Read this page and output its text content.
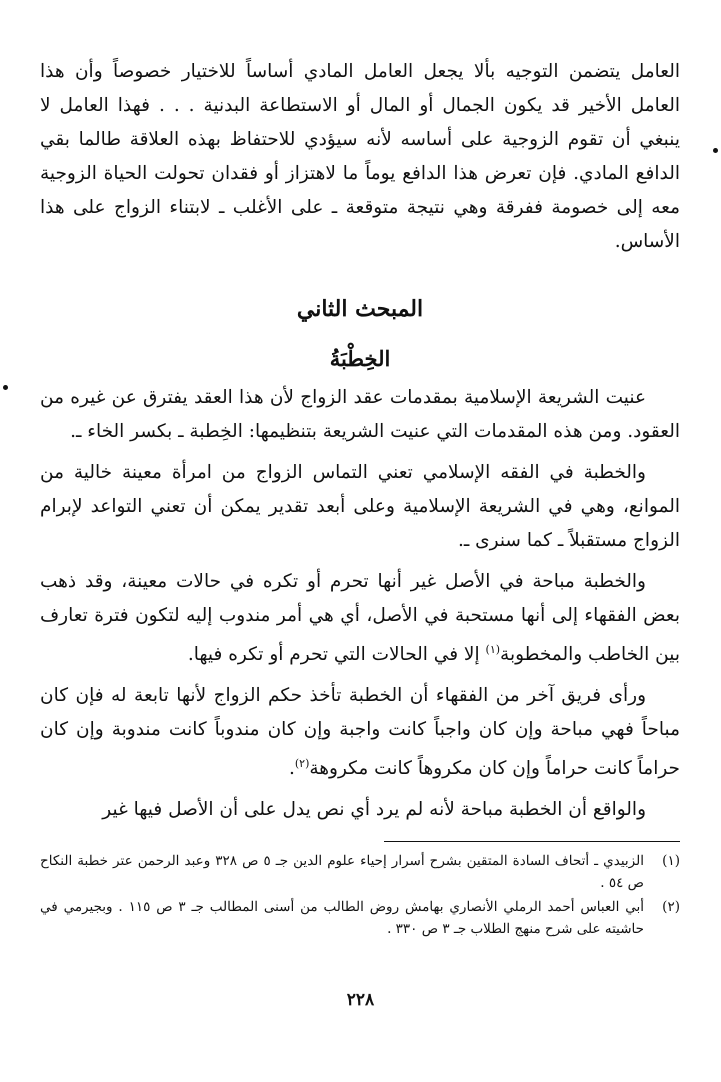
العامل يتضمن التوجيه بألا يجعل العامل المادي أساساً للاختيار خصوصاً وأن هذا العامل الأخير قد يكون الجمال أو المال أو الاستطاعة البدنية . . . فهذا العامل لا ينبغي أن تقوم الزوجية على أساسه لأنه سيؤدي للاحتفاظ بهذه العلاقة طالما بقي الدافع المادي. فإن تعرض هذا الدافع يوماً ما لاهتزاز أو فقدان تحولت الحياة الزوجية معه إلى خصومة ففرقة وهي نتيجة متوقعة ـ على الأغلب ـ لابتناء الزواج على هذا الأساس.

المبحث الثاني
الخِطْبَةُ

عنيت الشريعة الإسلامية بمقدمات عقد الزواج لأن هذا العقد يفترق عن غيره من العقود. ومن هذه المقدمات التي عنيت الشريعة بتنظيمها: الخِطبة ـ بكسر الخاء ـ.

والخطبة في الفقه الإسلامي تعني التماس الزواج من امرأة معينة خالية من الموانع، وهي في الشريعة الإسلامية وعلى أبعد تقدير يمكن أن تعني التواعد لإبرام الزواج مستقبلاً ـ كما سنرى ـ.

والخطبة مباحة في الأصل غير أنها تحرم أو تكره في حالات معينة، وقد ذهب بعض الفقهاء إلى أنها مستحبة في الأصل، أي هي أمر مندوب إليه لتكون فترة تعارف بين الخاطب والمخطوبة$^{(١)}$ إلا في الحالات التي تحرم أو تكره فيها.

ورأى فريق آخر من الفقهاء أن الخطبة تأخذ حكم الزواج لأنها تابعة له فإن كان مباحاً فهي مباحة وإن كان واجباً كانت واجبة وإن كان مندوباً كانت مندوبة وإن كان حراماً كانت حراماً وإن كان مكروهاً كانت مكروهة$^{(٢)}$.

والواقع أن الخطبة مباحة لأنه لم يرد أي نص يدل على أن الأصل فيها غير

(١)
الزبيدي ـ أتحاف السادة المتقين بشرح أسرار إحياء علوم الدين جـ ٥ ص ٣٢٨ وعبد الرحمن عتر خطبة النكاح ص ٥٤ .
(٢)
أبي العباس أحمد الرملي الأنصاري بهامش روض الطالب من أسنى المطالب جـ ٣ ص ١١٥ . وبجيرمي في حاشيته على شرح منهج الطلاب جـ ٣ ص ٣٣٠ .
٢٢٨
